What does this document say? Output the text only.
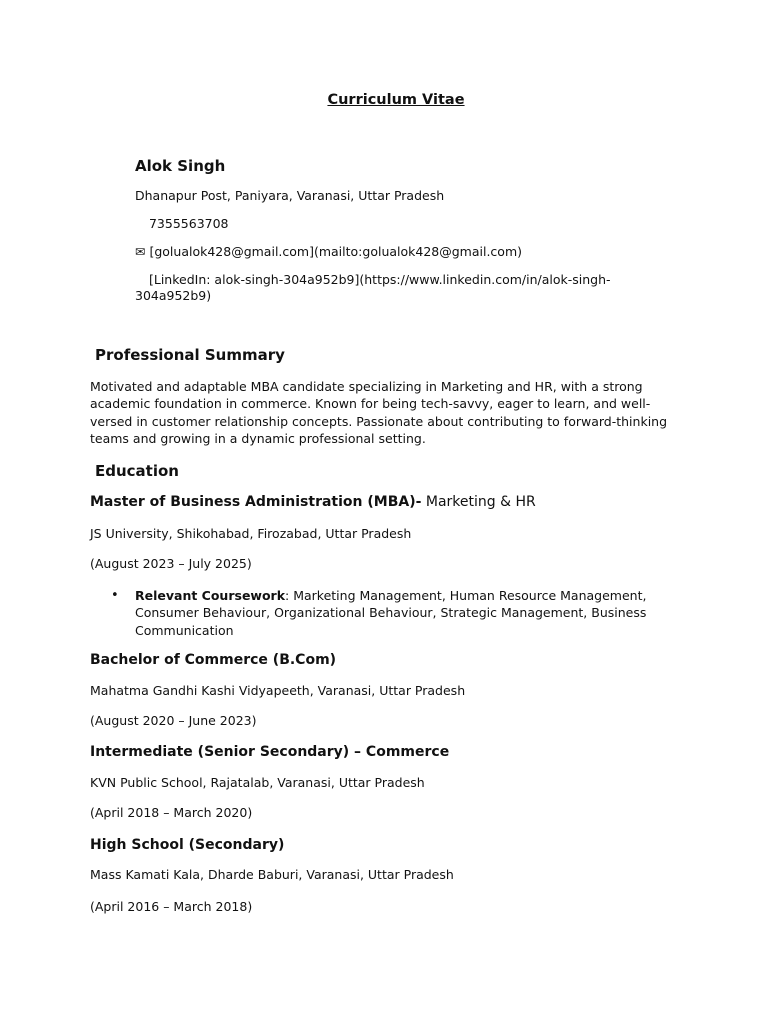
Curriculum Vitae
Alok Singh
Dhanapur Post, Paniyara, Varanasi, Uttar Pradesh
7355563708
✉ [golualok428@gmail.com](mailto:golualok428@gmail.com)
[LinkedIn: alok-singh-304a952b9](https://www.linkedin.com/in/alok-singh-304a952b9)
Professional Summary
Motivated and adaptable MBA candidate specializing in Marketing and HR, with a strong academic foundation in commerce. Known for being tech-savvy, eager to learn, and well-versed in customer relationship concepts. Passionate about contributing to forward-thinking teams and growing in a dynamic professional setting.
Education
Master of Business Administration (MBA)- Marketing & HR
JS University, Shikohabad, Firozabad, Uttar Pradesh
(August 2023 – July 2025)
• Relevant Coursework: Marketing Management, Human Resource Management, Consumer Behaviour, Organizational Behaviour, Strategic Management, Business Communication
Bachelor of Commerce (B.Com)
Mahatma Gandhi Kashi Vidyapeeth, Varanasi, Uttar Pradesh
(August 2020 – June 2023)
Intermediate (Senior Secondary) – Commerce
KVN Public School, Rajatalab, Varanasi, Uttar Pradesh
(April 2018 – March 2020)
High School (Secondary)
Mass Kamati Kala, Dharde Baburi, Varanasi, Uttar Pradesh
(April 2016 – March 2018)
